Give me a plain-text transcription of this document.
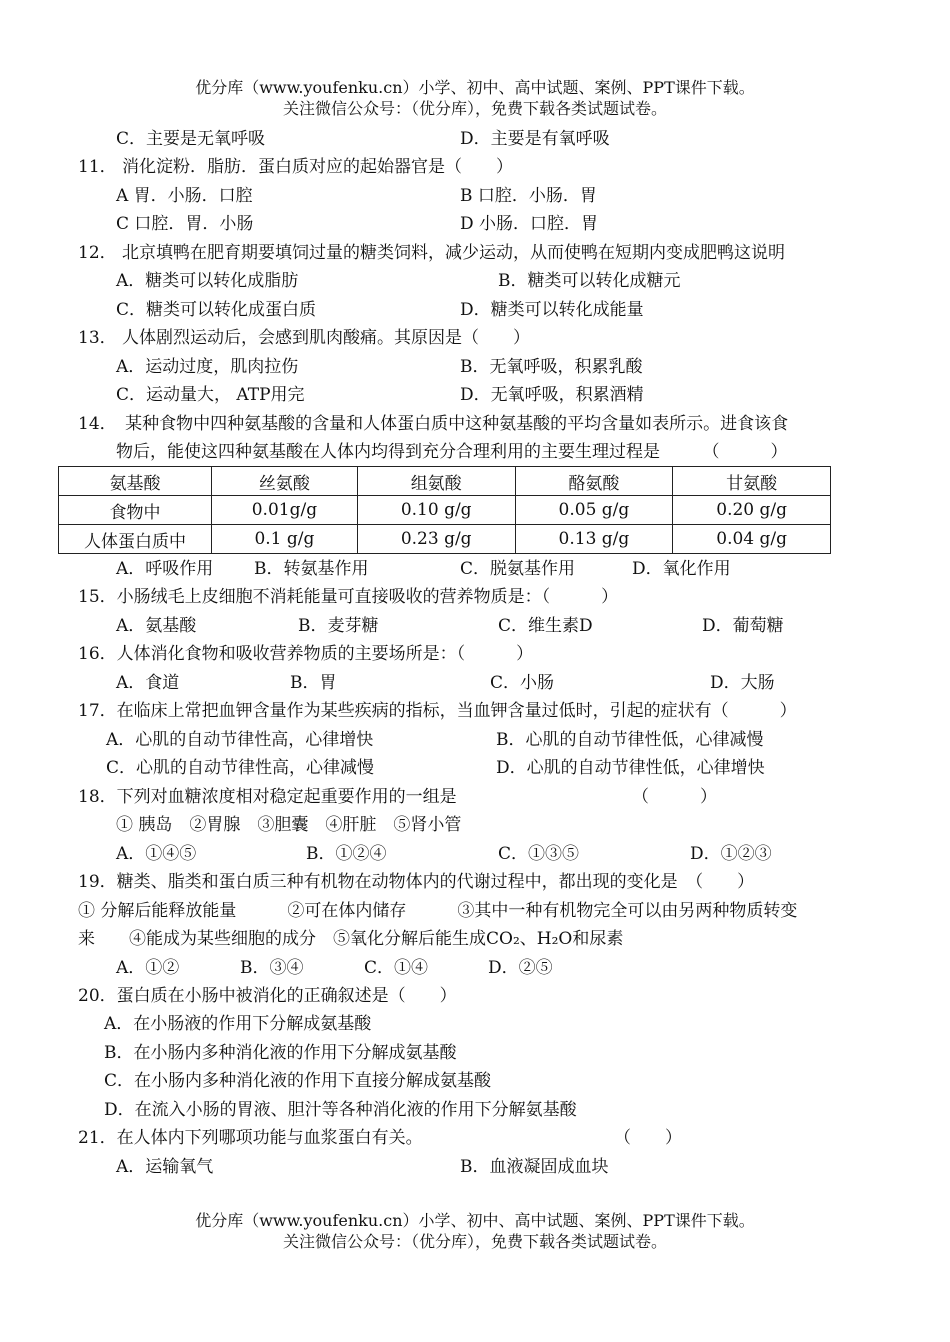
优分库（www.youfenku.cn）小学、初中、高中试题、案例、PPT课件下载。
关注微信公众号：（优分库），免费下载各类试题试卷。
C．主要是无氧呼吸	D．主要是有氧呼吸
11． 消化淀粉．脂肪．蛋白质对应的起始器官是（　　）
A 胃．小肠．口腔	B 口腔．小肠．胃
C 口腔．胃．小肠	D 小肠．口腔．胃
12． 北京填鸭在肥育期要填饲过量的糖类饲料，减少运动，从而使鸭在短期内变成肥鸭这说明
A．糖类可以转化成脂肪	B．糖类可以转化成糖元
C．糖类可以转化成蛋白质	D．糖类可以转化成能量
13． 人体剧烈运动后，会感到肌肉酸痛。其原因是（　　）
A．运动过度，肌肉拉伤	B．无氧呼吸，积累乳酸
C．运动量大， ATP用完	D．无氧呼吸，积累酒精
14．　某种食物中四种氨基酸的含量和人体蛋白质中这种氨基酸的平均含量如表所示。进食该食
物后，能使这四种氨基酸在人体内均得到充分合理利用的主要生理过程是　　　（　　　）
氨基酸	丝氨酸	组氨酸	酪氨酸	甘氨酸
食物中	0.01g/g	0.10 g/g	0.05 g/g	0.20 g/g
人体蛋白质中	0.1 g/g	0.23 g/g	0.13 g/g	0.04 g/g
A．呼吸作用 B．转氨基作用	C．脱氨基作用	D．氧化作用
15．小肠绒毛上皮细胞不消耗能量可直接吸收的营养物质是：（　　　）
A．氨基酸	B．麦芽糖	C．维生素D	D．葡萄糖
16．人体消化食物和吸收营养物质的主要场所是：（　　　）
A．食道	B．胃	C．小肠	D．大肠
17．在临床上常把血钾含量作为某些疾病的指标，当血钾含量过低时，引起的症状有（　　　）
A．心肌的自动节律性高，心律增快	B．心肌的自动节律性低，心律减慢
C．心肌的自动节律性高，心律减慢	D．心肌的自动节律性低，心律增快
18．下列对血糖浓度相对稳定起重要作用的一组是	（　　　）
① 胰岛　②胃腺　③胆囊　④肝脏　⑤肾小管
A．①④⑤	B．①②④	C．①③⑤	D．①②③
19．糖类、脂类和蛋白质三种有机物在动物体内的代谢过程中，都出现的变化是　（　　）
① 分解后能释放能量　　　②可在体内储存　　　③其中一种有机物完全可以由另两种物质转变
来　　④能成为某些细胞的成分　⑤氧化分解后能生成CO₂、H₂O和尿素
A．①②	B．③④	C．①④	D．②⑤
20．蛋白质在小肠中被消化的正确叙述是（　　）
A．在小肠液的作用下分解成氨基酸
B．在小肠内多种消化液的作用下分解成氨基酸
C．在小肠内多种消化液的作用下直接分解成氨基酸
D．在流入小肠的胃液、胆汁等各种消化液的作用下分解氨基酸
21．在人体内下列哪项功能与血浆蛋白有关。	（　　）
A．运输氧气	B．血液凝固成血块
优分库（www.youfenku.cn）小学、初中、高中试题、案例、PPT课件下载。
关注微信公众号：（优分库），免费下载各类试题试卷。
